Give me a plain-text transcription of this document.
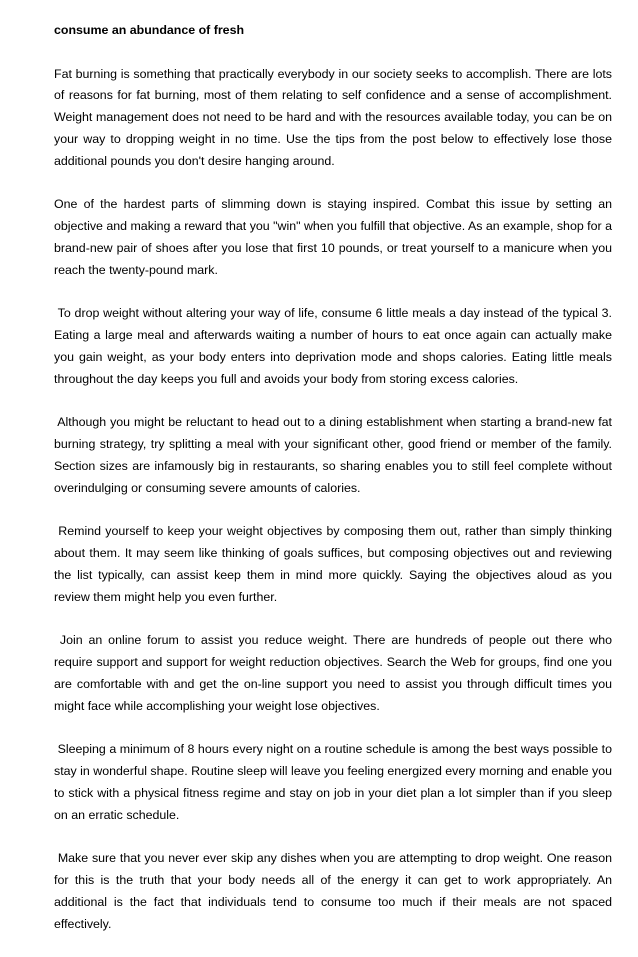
consume an abundance of fresh

Fat burning is something that practically everybody in our society seeks to accomplish. There are lots of reasons for fat burning, most of them relating to self confidence and a sense of accomplishment. Weight management does not need to be hard and with the resources available today, you can be on your way to dropping weight in no time. Use the tips from the post below to effectively lose those additional pounds you don't desire hanging around.

One of the hardest parts of slimming down is staying inspired. Combat this issue by setting an objective and making a reward that you "win" when you fulfill that objective. As an example, shop for a brand-new pair of shoes after you lose that first 10 pounds, or treat yourself to a manicure when you reach the twenty-pound mark.

To drop weight without altering your way of life, consume 6 little meals a day instead of the typical 3. Eating a large meal and afterwards waiting a number of hours to eat once again can actually make you gain weight, as your body enters into deprivation mode and shops calories. Eating little meals throughout the day keeps you full and avoids your body from storing excess calories.

Although you might be reluctant to head out to a dining establishment when starting a brand-new fat burning strategy, try splitting a meal with your significant other, good friend or member of the family. Section sizes are infamously big in restaurants, so sharing enables you to still feel complete without overindulging or consuming severe amounts of calories.

Remind yourself to keep your weight objectives by composing them out, rather than simply thinking about them. It may seem like thinking of goals suffices, but composing objectives out and reviewing the list typically, can assist keep them in mind more quickly. Saying the objectives aloud as you review them might help you even further.

Join an online forum to assist you reduce weight. There are hundreds of people out there who require support and support for weight reduction objectives. Search the Web for groups, find one you are comfortable with and get the on-line support you need to assist you through difficult times you might face while accomplishing your weight lose objectives.

Sleeping a minimum of 8 hours every night on a routine schedule is among the best ways possible to stay in wonderful shape. Routine sleep will leave you feeling energized every morning and enable you to stick with a physical fitness regime and stay on job in your diet plan a lot simpler than if you sleep on an erratic schedule.

Make sure that you never ever skip any dishes when you are attempting to drop weight. One reason for this is the truth that your body needs all of the energy it can get to work appropriately. An additional is the fact that individuals tend to consume too much if their meals are not spaced effectively.
